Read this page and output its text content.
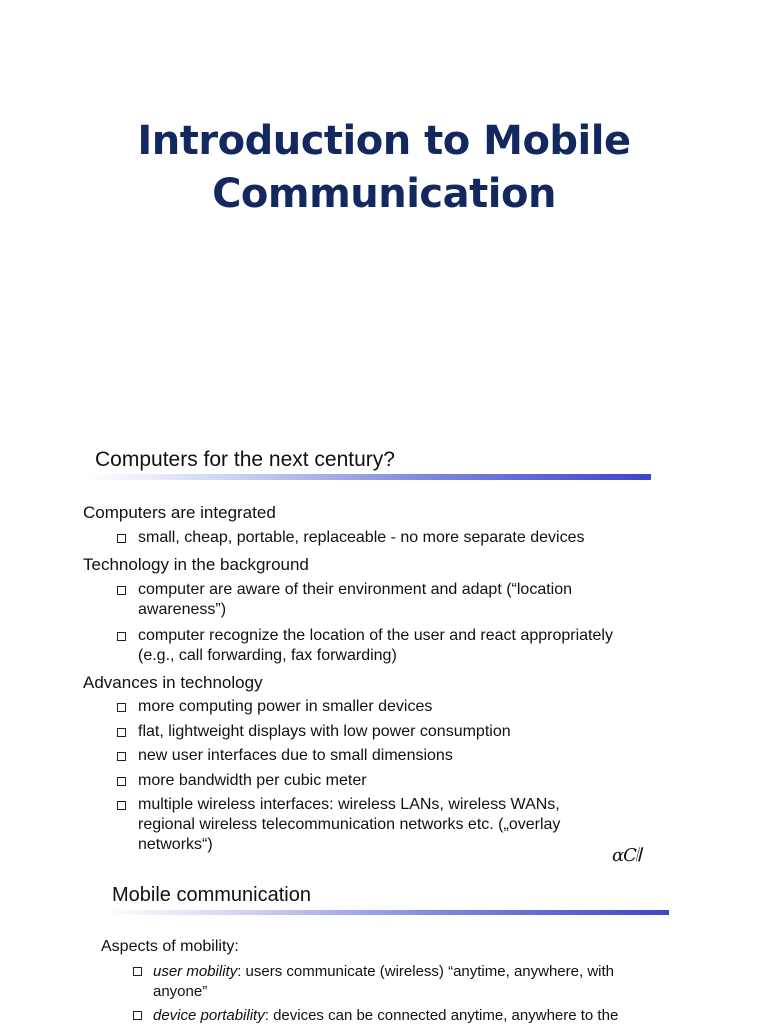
Introduction to Mobile
Communication
Computers for the next century?
Computers are integrated
small, cheap, portable, replaceable - no more separate devices
Technology in the background
computer are aware of their environment and adapt (“location awareness”)
computer recognize the location of the user and react appropriately (e.g., call forwarding, fax forwarding)
Advances in technology
more computing power in smaller devices
flat, lightweight displays with low power consumption
new user interfaces due to small dimensions
more bandwidth per cubic meter
multiple wireless interfaces: wireless LANs, wireless WANs, regional wireless telecommunication networks etc. („overlay networks“)
ɑC𝄂
Mobile communication
Aspects of mobility:
user mobility: users communicate (wireless) “anytime, anywhere, with anyone”
device portability: devices can be connected anytime, anywhere to the
